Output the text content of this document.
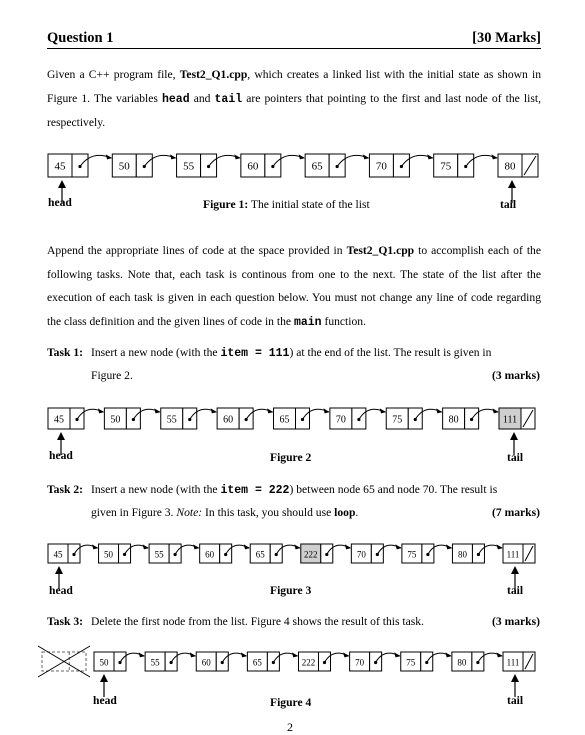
Question 1	[30 Marks]
Given a C++ program file, Test2_Q1.cpp, which creates a linked list with the initial state as shown in Figure 1. The variables head and tail are pointers that pointing to the first and last node of the list, respectively.
45	50	55	60	65	70	75	80
head	tail
Figure 1: The initial state of the list
Append the appropriate lines of code at the space provided in Test2_Q1.cpp to accomplish each of the following tasks. Note that, each task is continous from one to the next. The state of the list after the execution of each task is given in each question below. You must not change any line of code regarding the class definition and the given lines of code in the main function.
Task 1: Insert a new node (with the item = 111) at the end of the list. The result is given in
Figure 2.	(3 marks)
45	50	55	60	65	70	75	80	111
head	tail
Figure 2
Task 2: Insert a new node (with the item = 222) between node 65 and node 70. The result is
given in Figure 3. Note: In this task, you should use loop.	(7 marks)
45	50	55	60	65	222	70	75	80	111
head	tail
Figure 3
Task 3: Delete the first node from the list. Figure 4 shows the result of this task.	(3 marks)
50	55	60	65	222	70	75	80	111
head	tail
Figure 4
2
